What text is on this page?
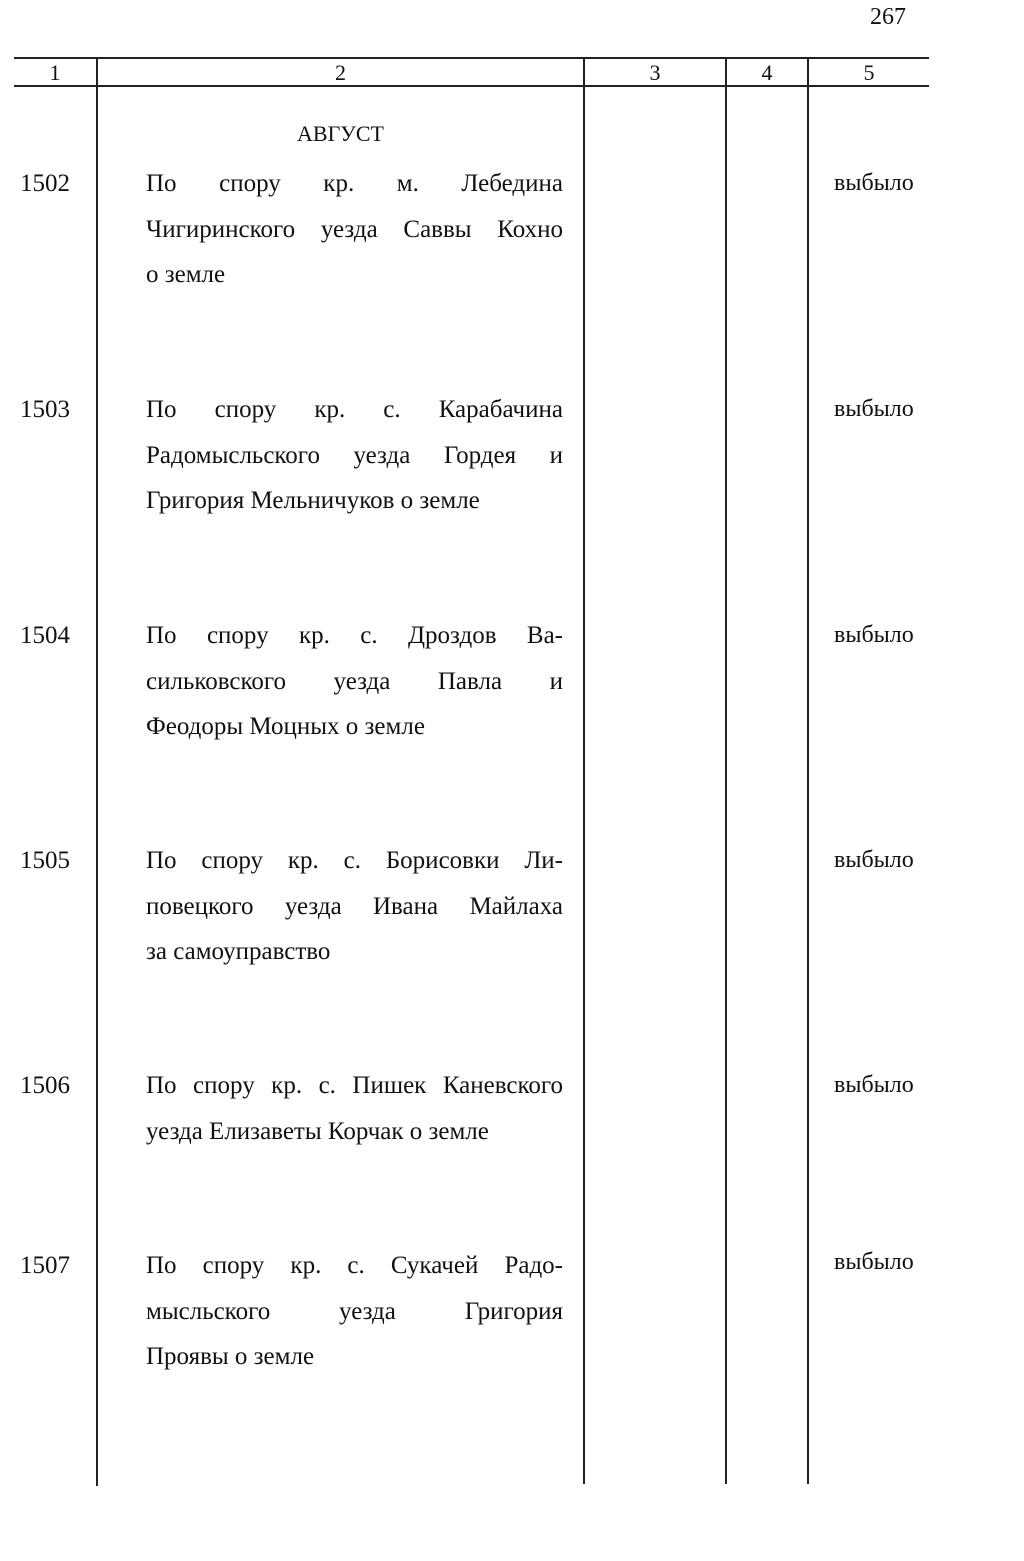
267
1	2	3	4	5
АВГУСТ
1502	По спору кр. м. Лебедина
Чигиринского уезда Саввы Кохно
о земле
выбыло
1503	По спору кр. с. Карабачина
Радомысльского уезда Гордея и
Григория Мельничуков о земле
выбыло
1504	По спору кр. с. Дроздов Ва-
сильковского уезда Павла и
Феодоры Моцных о земле
выбыло
1505	По спору кр. с. Борисовки Ли-
повецкого уезда Ивана Майлаха
за самоуправство
выбыло
1506	По спору кр. с. Пишек Каневского
уезда Елизаветы Корчак о земле
выбыло
1507	По спору кр. с. Сукачей Радо-
мысльского уезда Григория
Проявы о земле
выбыло
